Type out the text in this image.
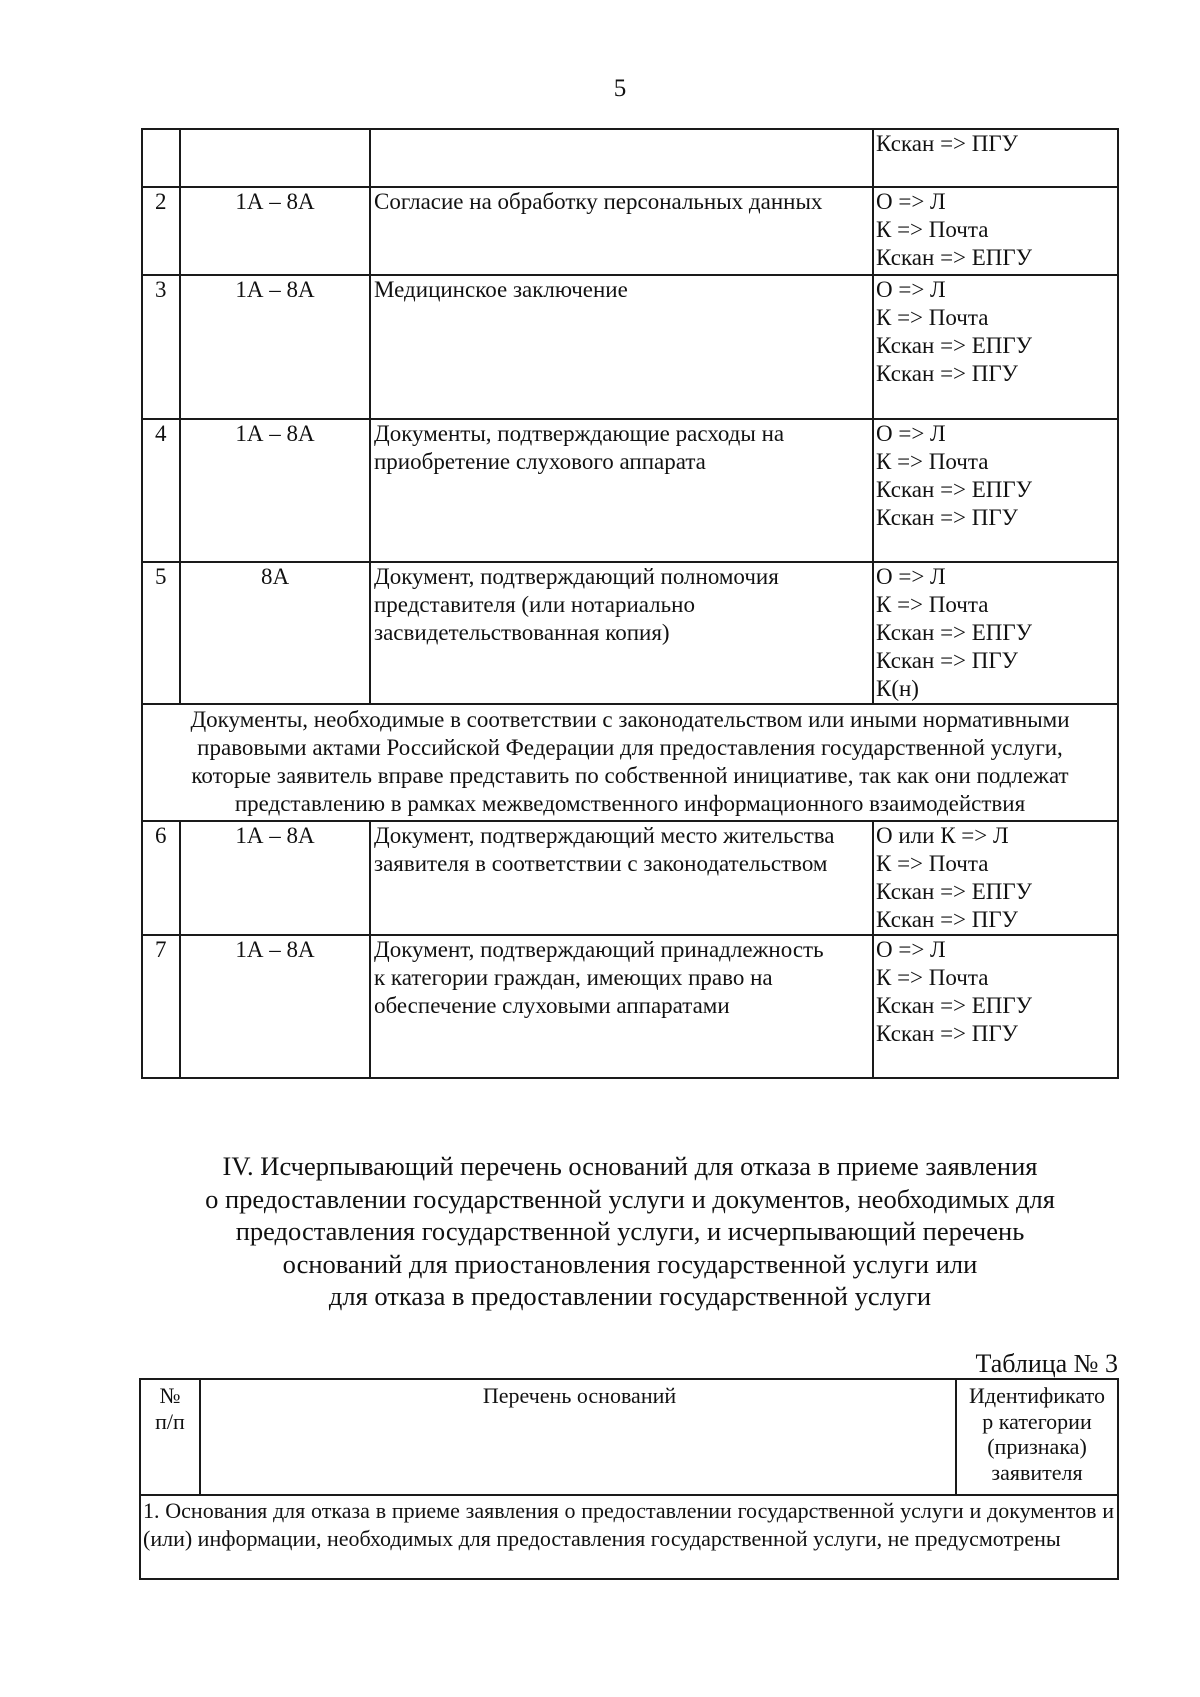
5

			Кскан => ПГУ

2	1А – 8А	Согласие на обработку персональных данных	О => Л
К => Почта
Кскан => ЕПГУ

3	1А – 8А	Медицинское заключение	О => Л
К => Почта
Кскан => ЕПГУ
Кскан => ПГУ

4	1А – 8А	Документы, подтверждающие расходы на
приобретение слухового аппарата	О => Л
К => Почта
Кскан => ЕПГУ
Кскан => ПГУ

5	8А	Документ, подтверждающий полномочия
представителя (или нотариально
засвидетельствованная копия)	О => Л
К => Почта
Кскан => ЕПГУ
Кскан => ПГУ
К(н)

Документы, необходимые в соответствии с законодательством или иными нормативными
правовыми актами Российской Федерации для предоставления государственной услуги,
которые заявитель вправе представить по собственной инициативе, так как они подлежат
представлению в рамках межведомственного информационного взаимодействия			

6	1А – 8А	Документ, подтверждающий место жительства
заявителя в соответствии с законодательством	О или К => Л
К => Почта
Кскан => ЕПГУ
Кскан => ПГУ

7	1А – 8А	Документ, подтверждающий принадлежность
к категории граждан, имеющих право на
обеспечение слуховыми аппаратами	О => Л
К => Почта
Кскан => ЕПГУ
Кскан => ПГУ
IV. Исчерпывающий перечень оснований для отказа в приеме заявления
о предоставлении государственной услуги и документов, необходимых для
предоставления государственной услуги, и исчерпывающий перечень
оснований для приостановления государственной услуги или
для отказа в предоставлении государственной услуги
Таблица № 3
№
п/п
	Перечень оснований	Идентификато
р категории
(признака)
заявителя

1. Основания для отказа в приеме заявления о предоставлении государственной услуги и документов и (или) информации, необходимых для предоставления государственной услуги, не предусмотрены
